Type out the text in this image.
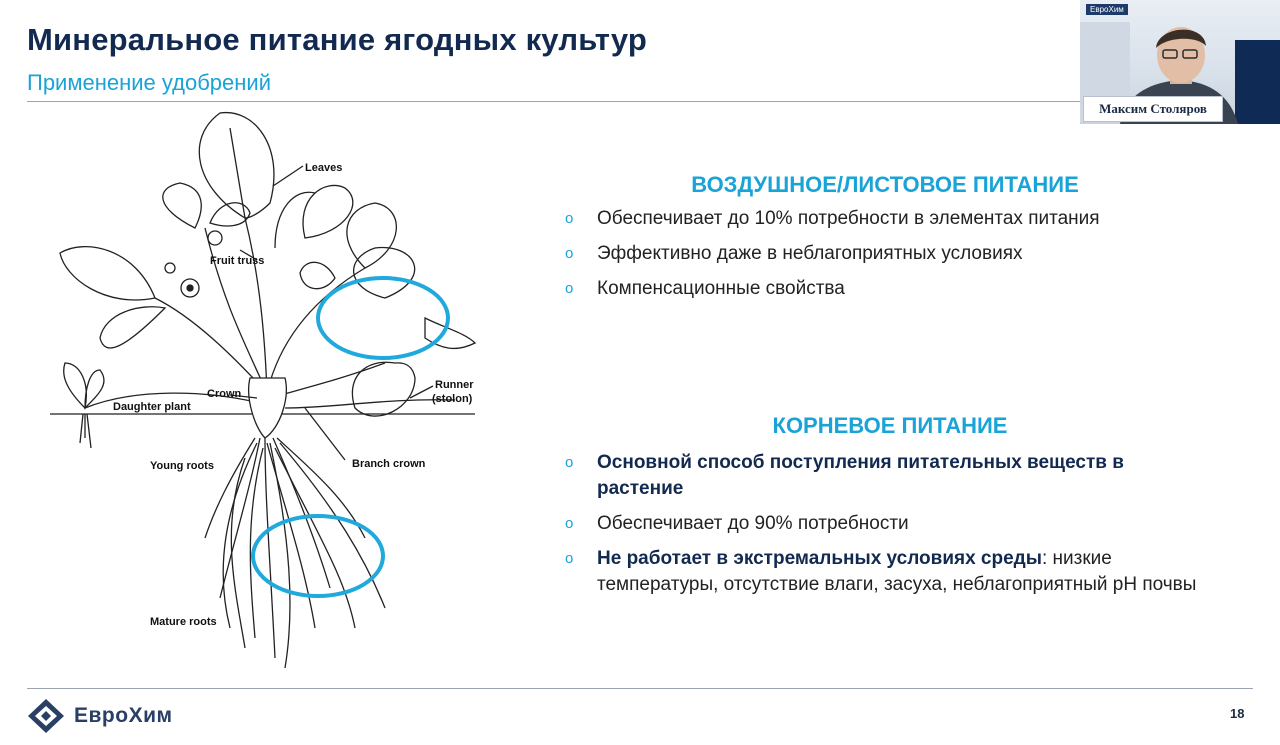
Минеральное питание ягодных культур
Применение удобрений
ЕвроХим
Максим Столяров
Leaves
Fruit truss
Runner
(stolon)
Crown
Daughter plant
Young roots	Branch crown
Mature roots
ВОЗДУШНОЕ/ЛИСТОВОЕ ПИТАНИЕ
o Обеспечивает до 10% потребности в элементах питания
o Эффективно даже в неблагоприятных условиях
o Компенсационные свойства
КОРНЕВОЕ ПИТАНИЕ
o Основной способ поступления питательных веществ в растение
o Обеспечивает до 90% потребности
o Не работает в экстремальных условиях среды: низкие температуры, отсутствие влаги, засуха, неблагоприятный рН почвы
ЕвроХим	18
